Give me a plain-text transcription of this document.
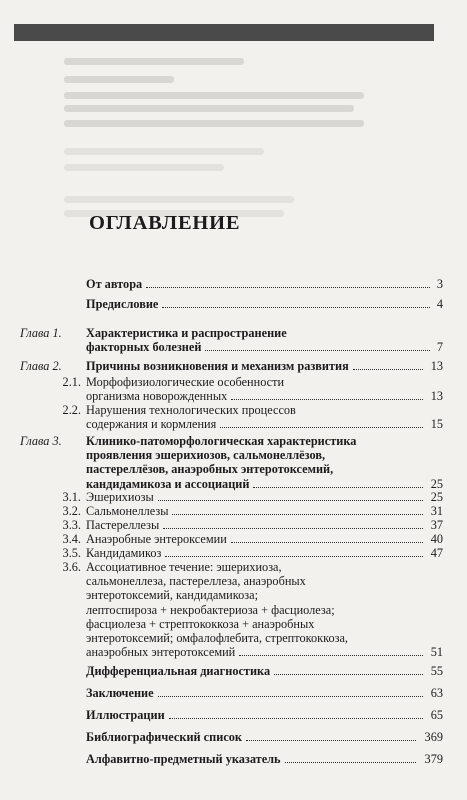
ОГЛАВЛЕНИЕ
От автора	3
Предисловие	4
Глава 1. Характеристика и распространение
факторных болезней	7
Глава 2. Причины возникновения и механизм развития	13
2.1. Морфофизиологические особенности
организма новорожденных	13
2.2. Нарушения технологических процессов
содержания и кормления	15
Глава 3. Клинико-патоморфологическая характеристика
проявления эшерихиозов, сальмонеллёзов,
пастереллёзов, анаэробных энтеротоксемий,
кандидамикоза и ассоциаций	25
3.1. Эшерихиозы	25
3.2. Сальмонеллезы	31
3.3. Пастереллезы	37
3.4. Анаэробные энтероксемии	40
3.5. Кандидамикоз	47
3.6. Ассоциативное течение: эшерихиоза,
сальмонеллеза, пастереллеза, анаэробных
энтеротоксемий, кандидамикоза;
лептоспироза + некробактериоза + фасциолеза;
фасциолеза + стрептококкоза + анаэробных
энтеротоксемий; омфалофлебита, стрептококкоза,
анаэробных энтеротоксемий	51
Дифференциальная диагностика	55
Заключение	63
Иллюстрации	65
Библиографический список	369
Алфавитно-предметный указатель	379
